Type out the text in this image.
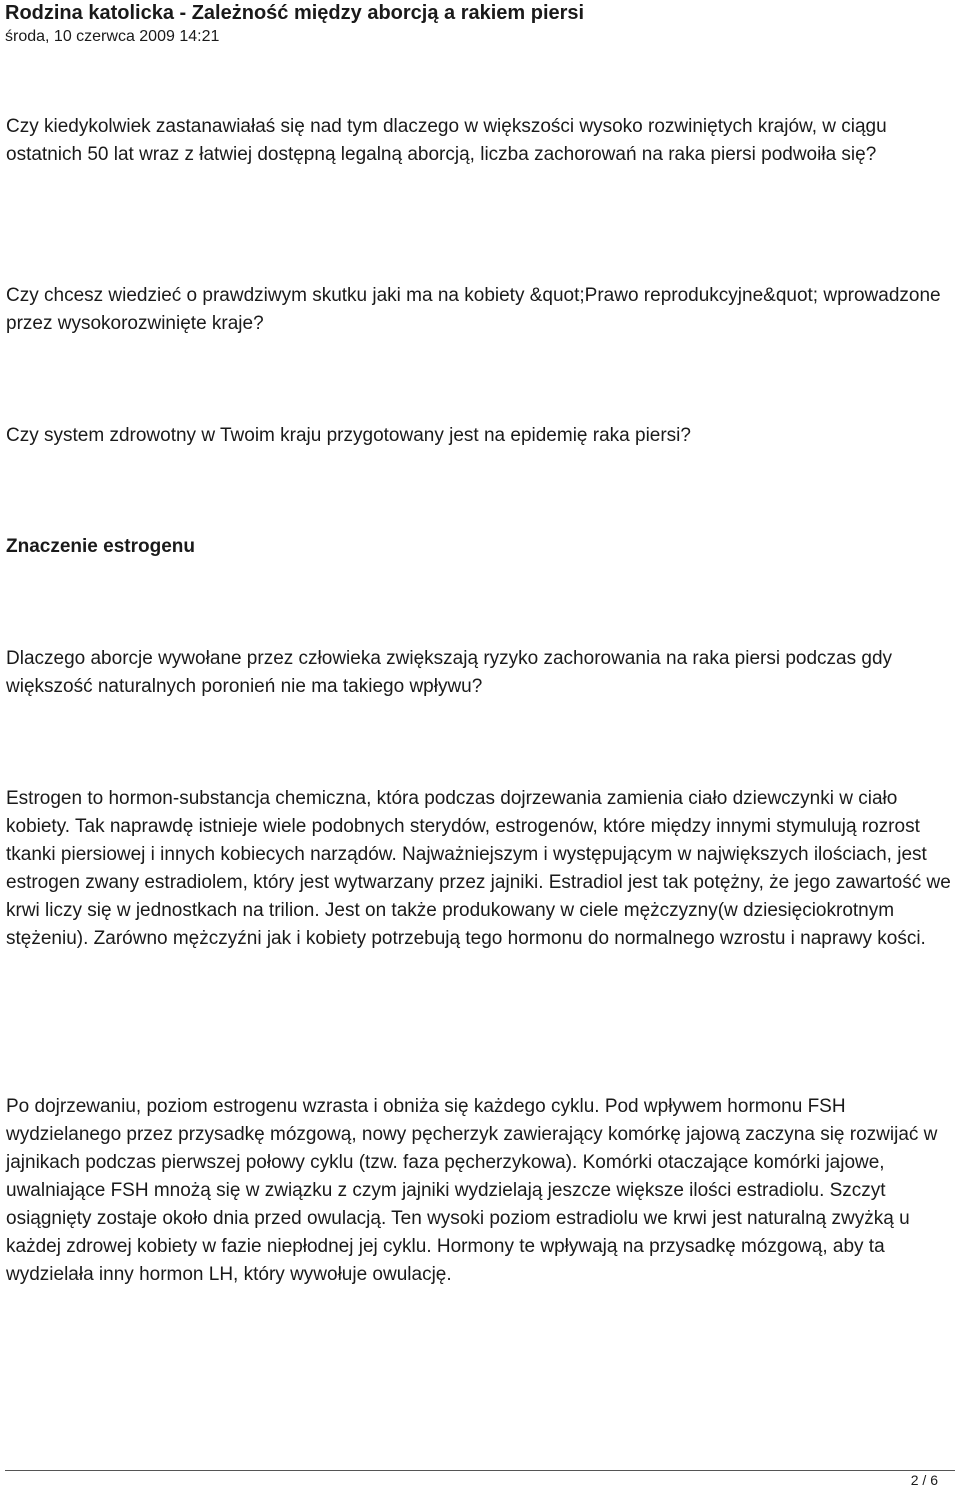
Rodzina katolicka - Zależność między aborcją a rakiem piersi
środa, 10 czerwca 2009 14:21

Czy kiedykolwiek zastanawiałaś się nad tym dlaczego w większości wysoko rozwiniętych krajów, w ciągu ostatnich 50 lat wraz z łatwiej dostępną legalną aborcją, liczba zachorowań na raka piersi podwoiła się?

Czy chcesz wiedzieć o prawdziwym skutku jaki ma na kobiety &quot;Prawo reprodukcyjne&quot; wprowadzone przez wysokorozwinięte kraje?

Czy system zdrowotny w Twoim kraju przygotowany jest na epidemię raka piersi?

Znaczenie estrogenu

Dlaczego aborcje wywołane przez człowieka zwiększają ryzyko zachorowania na raka piersi podczas gdy większość naturalnych poronień nie ma takiego wpływu?

Estrogen to hormon-substancja chemiczna, która podczas dojrzewania zamienia ciało dziewczynki w ciało kobiety. Tak naprawdę istnieje wiele podobnych sterydów, estrogenów, które między innymi stymulują rozrost tkanki piersiowej i innych kobiecych narządów. Najważniejszym i występującym w największych ilościach, jest estrogen zwany estradiolem, który jest wytwarzany przez jajniki. Estradiol jest tak potężny, że jego zawartość we krwi liczy się w jednostkach na trilion. Jest on także produkowany w ciele mężczyzny(w dziesięciokrotnym stężeniu). Zarówno mężczyźni jak i kobiety potrzebują tego hormonu do normalnego wzrostu i naprawy kości.

Po dojrzewaniu, poziom estrogenu wzrasta i obniża się każdego cyklu. Pod wpływem hormonu FSH wydzielanego przez przysadkę mózgową, nowy pęcherzyk zawierający komórkę jajową zaczyna się rozwijać w jajnikach podczas pierwszej połowy cyklu (tzw. faza pęcherzykowa). Komórki otaczające komórki jajowe, uwalniające FSH mnożą się w związku z czym jajniki wydzielają jeszcze większe ilości estradiolu. Szczyt osiągnięty zostaje około dnia przed owulacją. Ten wysoki poziom estradiolu we krwi jest naturalną zwyżką u każdej zdrowej kobiety w fazie niepłodnej jej cyklu. Hormony te wpływają na przysadkę mózgową, aby ta wydzielała inny hormon LH, który wywołuje owulację.

2 / 6
